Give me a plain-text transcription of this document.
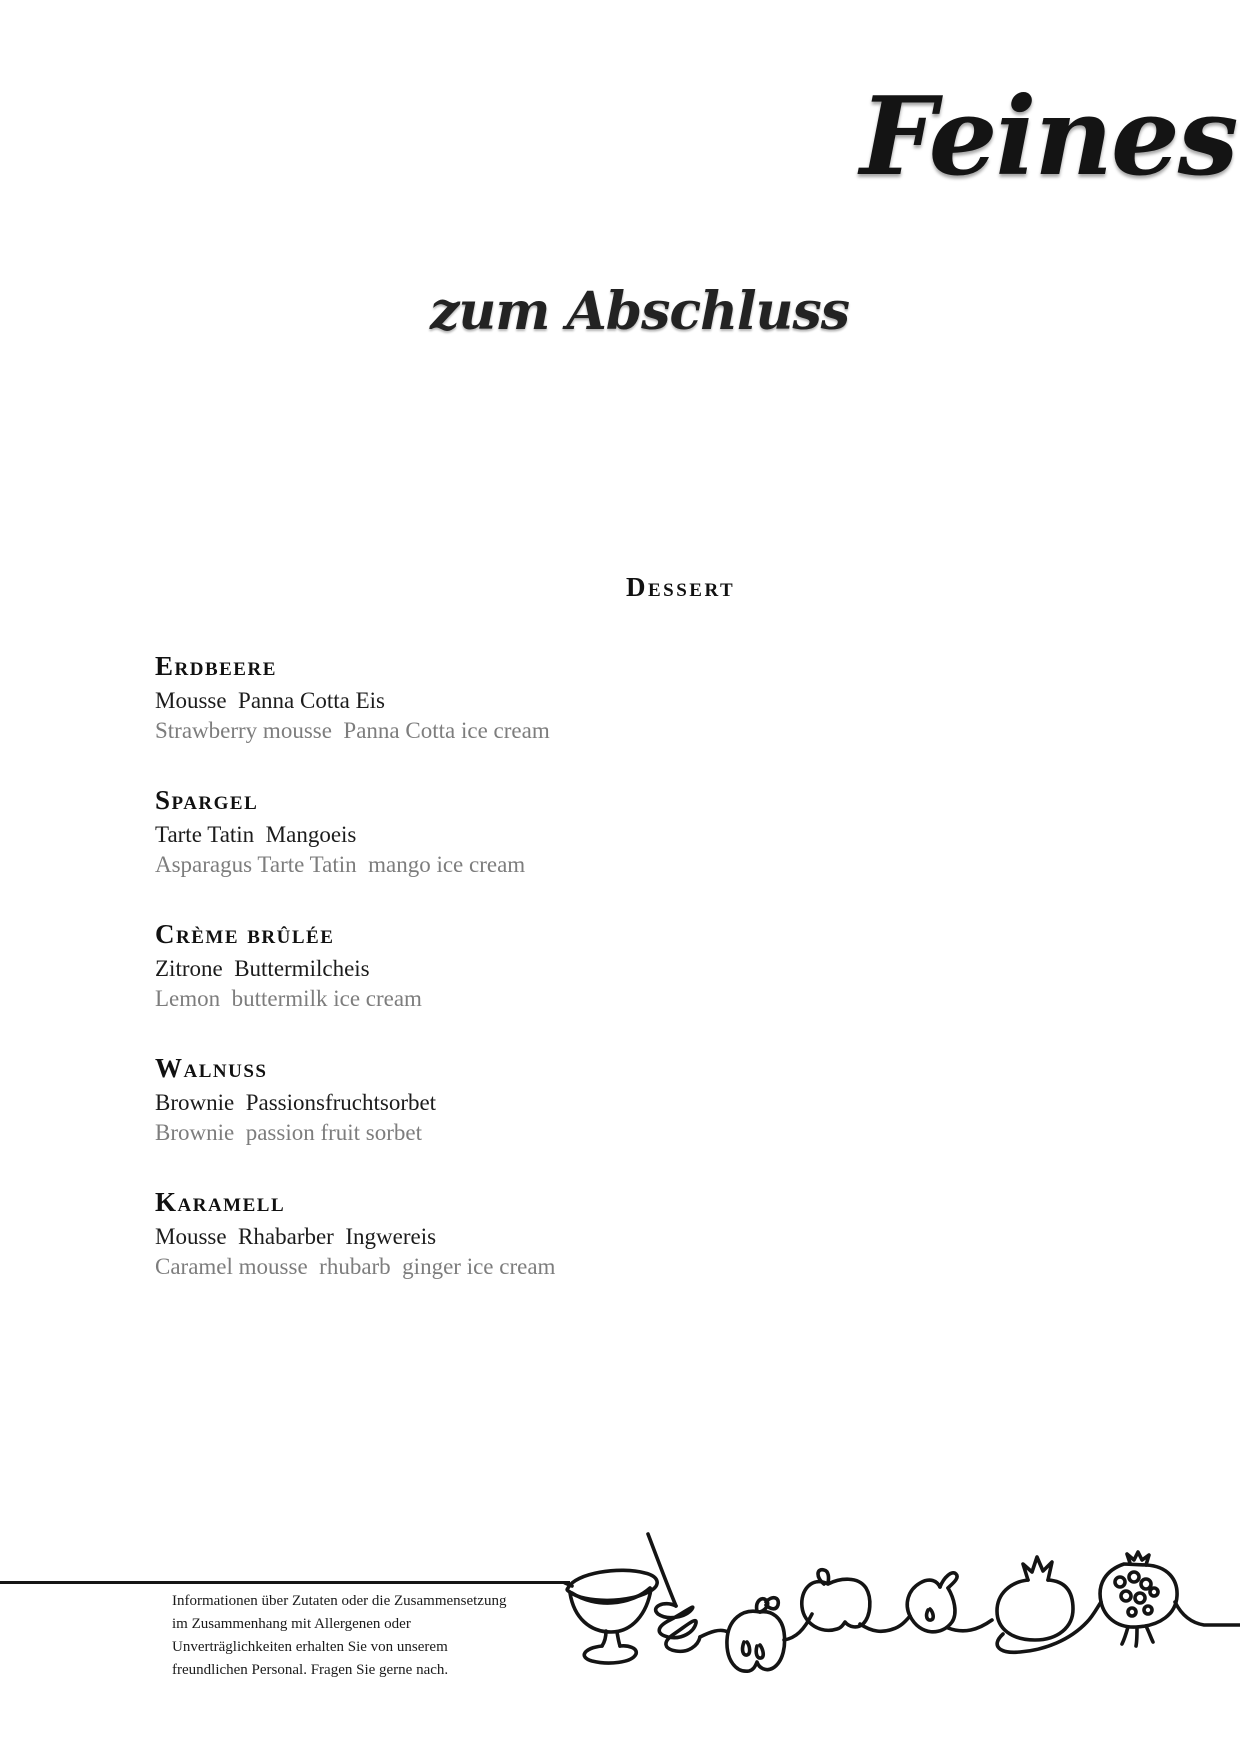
Feines
zum Abschluss
Dessert
Erdbeere
Mousse  Panna Cotta Eis
Strawberry mousse  Panna Cotta ice cream
Spargel
Tarte Tatin  Mangoeis
Asparagus Tarte Tatin  mango ice cream
Crème brûlée
Zitrone  Buttermilcheis
Lemon  buttermilk ice cream
Walnuss
Brownie  Passionsfruchtsorbet
Brownie  passion fruit sorbet
Karamell
Mousse  Rhabarber  Ingwereis
Caramel mousse  rhubarb  ginger ice cream
Informationen über Zutaten oder die Zusammensetzung im Zusammenhang mit Allergenen oder Unverträglichkeiten erhalten Sie von unserem freundlichen Personal. Fragen Sie gerne nach.
